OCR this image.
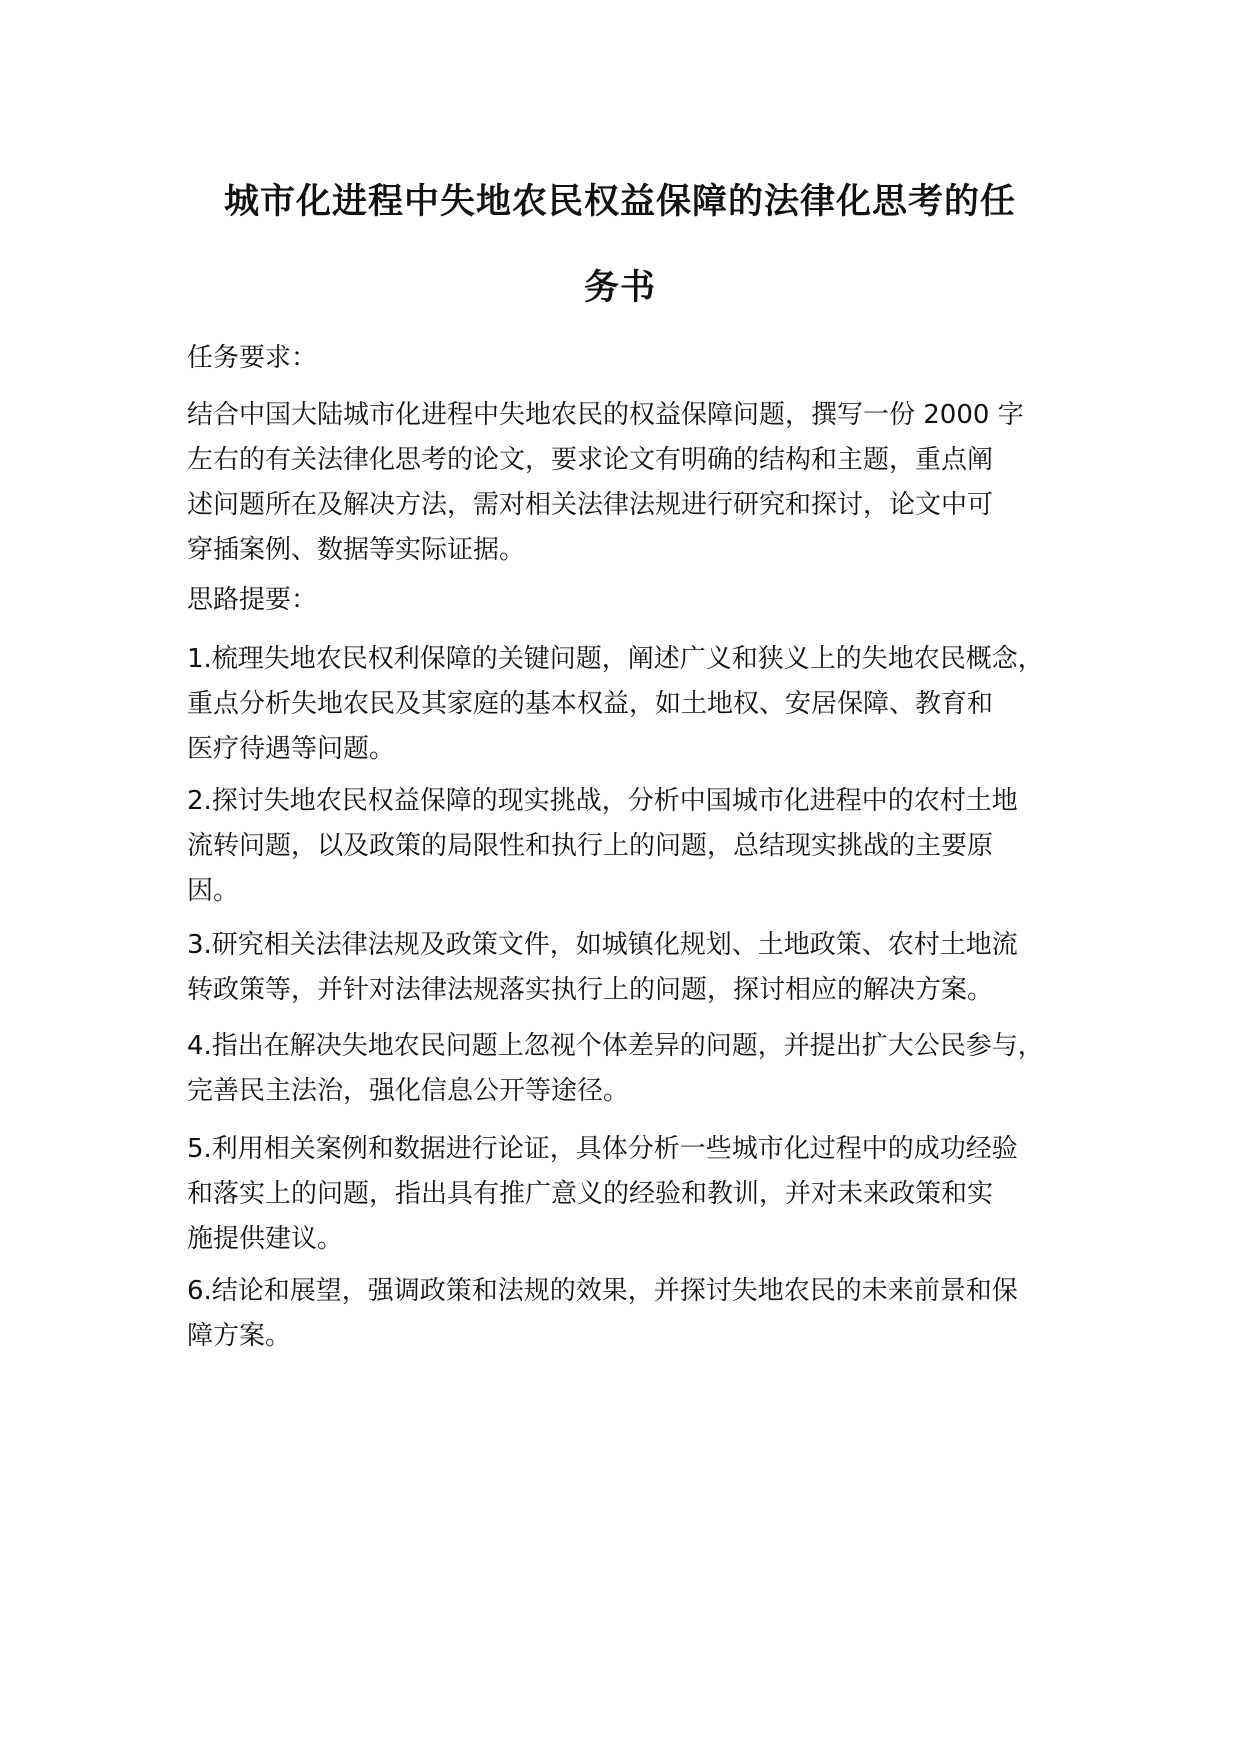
城市化进程中失地农民权益保障的法律化思考的任
务书

任务要求：

结合中国大陆城市化进程中失地农民的权益保障问题，撰写一份 2000 字
左右的有关法律化思考的论文，要求论文有明确的结构和主题，重点阐
述问题所在及解决方法，需对相关法律法规进行研究和探讨，论文中可
穿插案例、数据等实际证据。

思路提要：

1.梳理失地农民权利保障的关键问题，阐述广义和狭义上的失地农民概念，
重点分析失地农民及其家庭的基本权益，如土地权、安居保障、教育和
医疗待遇等问题。

2.探讨失地农民权益保障的现实挑战，分析中国城市化进程中的农村土地
流转问题，以及政策的局限性和执行上的问题，总结现实挑战的主要原
因。

3.研究相关法律法规及政策文件，如城镇化规划、土地政策、农村土地流
转政策等，并针对法律法规落实执行上的问题，探讨相应的解决方案。

4.指出在解决失地农民问题上忽视个体差异的问题，并提出扩大公民参与，
完善民主法治，强化信息公开等途径。

5.利用相关案例和数据进行论证，具体分析一些城市化过程中的成功经验
和落实上的问题，指出具有推广意义的经验和教训，并对未来政策和实
施提供建议。

6.结论和展望，强调政策和法规的效果，并探讨失地农民的未来前景和保
障方案。
